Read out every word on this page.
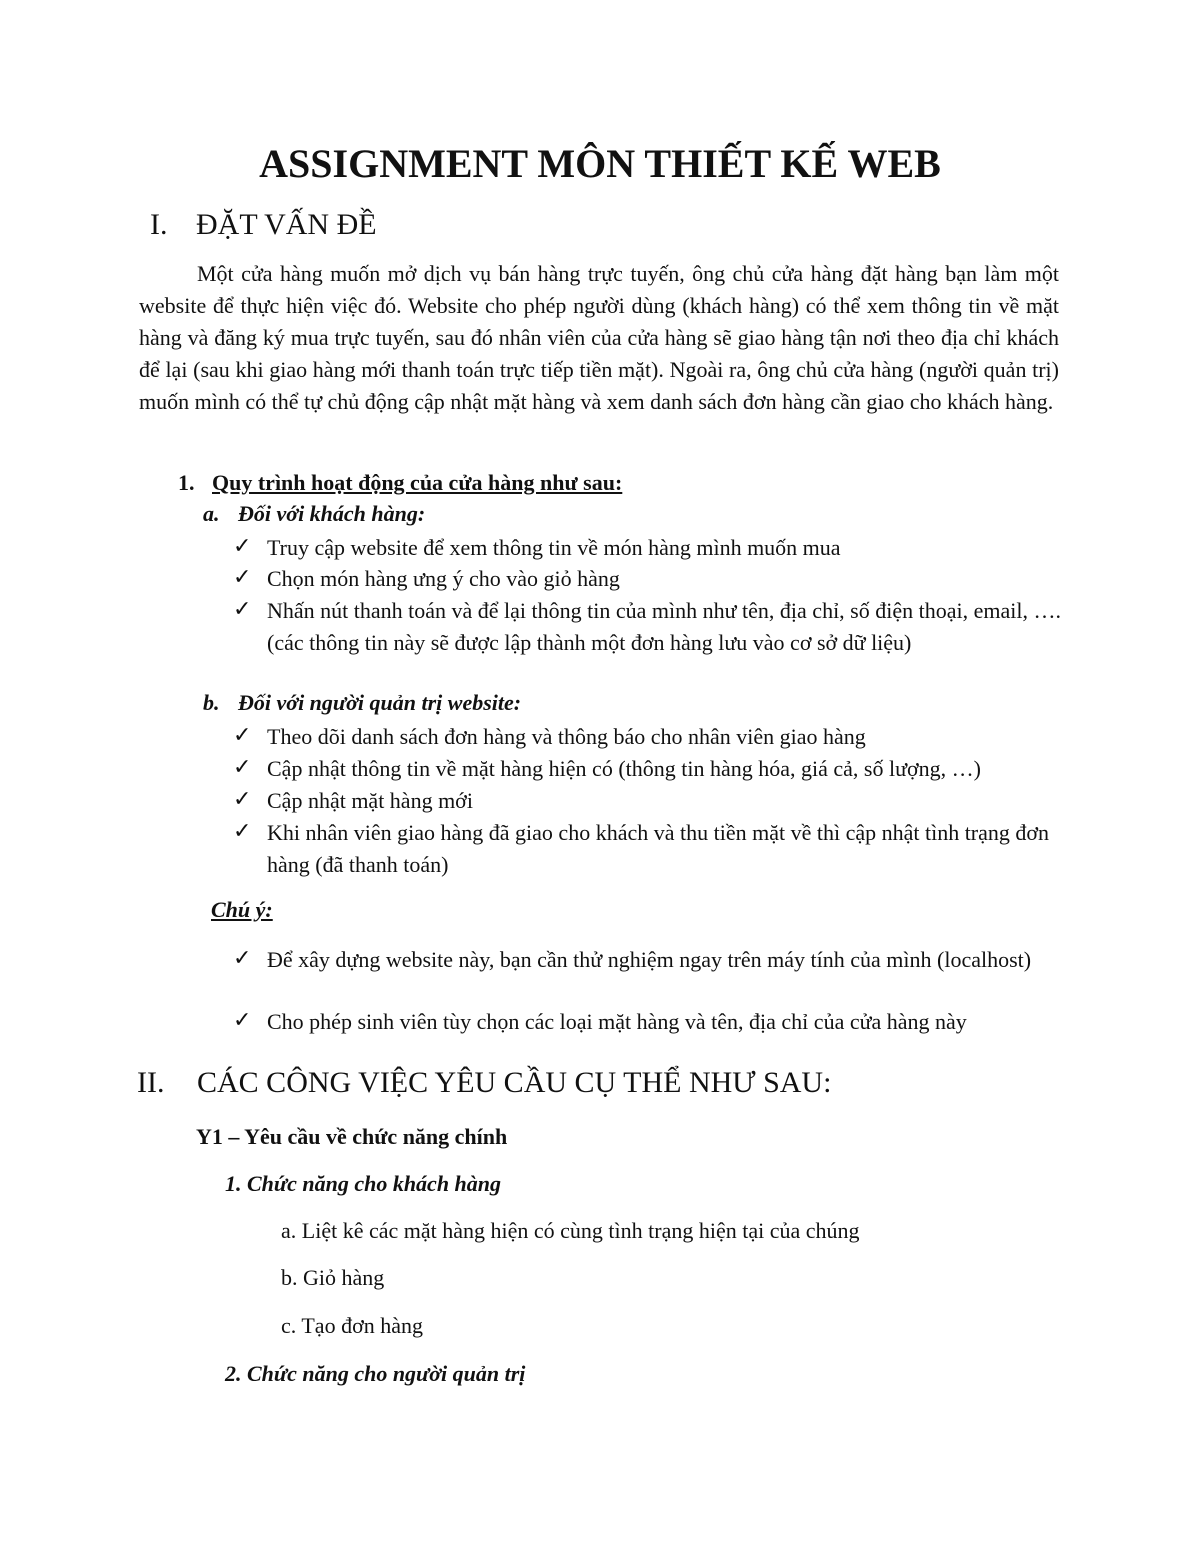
ASSIGNMENT MÔN THIẾT KẾ WEB
I. ĐẶT VẤN ĐỀ

Một cửa hàng muốn mở dịch vụ bán hàng trực tuyến, ông chủ cửa hàng đặt hàng bạn làm một website để thực hiện việc đó. Website cho phép người dùng (khách hàng) có thể xem thông tin về mặt hàng và đăng ký mua trực tuyến, sau đó nhân viên của cửa hàng sẽ giao hàng tận nơi theo địa chỉ khách để lại (sau khi giao hàng mới thanh toán trực tiếp tiền mặt). Ngoài ra, ông chủ cửa hàng (người quản trị) muốn mình có thể tự chủ động cập nhật mặt hàng và xem danh sách đơn hàng cần giao cho khách hàng.

1. Quy trình hoạt động của cửa hàng như sau:
a. Đối với khách hàng:
✓ Truy cập website để xem thông tin về món hàng mình muốn mua
✓ Chọn món hàng ưng ý cho vào giỏ hàng
✓ Nhấn nút thanh toán và để lại thông tin của mình như tên, địa chỉ, số điện thoại, email, …. (các thông tin này sẽ được lập thành một đơn hàng lưu vào cơ sở dữ liệu)
b. Đối với người quản trị website:
✓ Theo dõi danh sách đơn hàng và thông báo cho nhân viên giao hàng
✓ Cập nhật thông tin về mặt hàng hiện có (thông tin hàng hóa, giá cả, số lượng, …)
✓ Cập nhật mặt hàng mới
✓ Khi nhân viên giao hàng đã giao cho khách và thu tiền mặt về thì cập nhật tình trạng đơn hàng (đã thanh toán)
Chú ý:
✓ Để xây dựng website này, bạn cần thử nghiệm ngay trên máy tính của mình (localhost)
✓ Cho phép sinh viên tùy chọn các loại mặt hàng và tên, địa chỉ của cửa hàng này
II. CÁC CÔNG VIỆC YÊU CẦU CỤ THỂ NHƯ SAU:
Y1 – Yêu cầu về chức năng chính
1. Chức năng cho khách hàng
a. Liệt kê các mặt hàng hiện có cùng tình trạng hiện tại của chúng
b. Giỏ hàng
c. Tạo đơn hàng
2. Chức năng cho người quản trị
